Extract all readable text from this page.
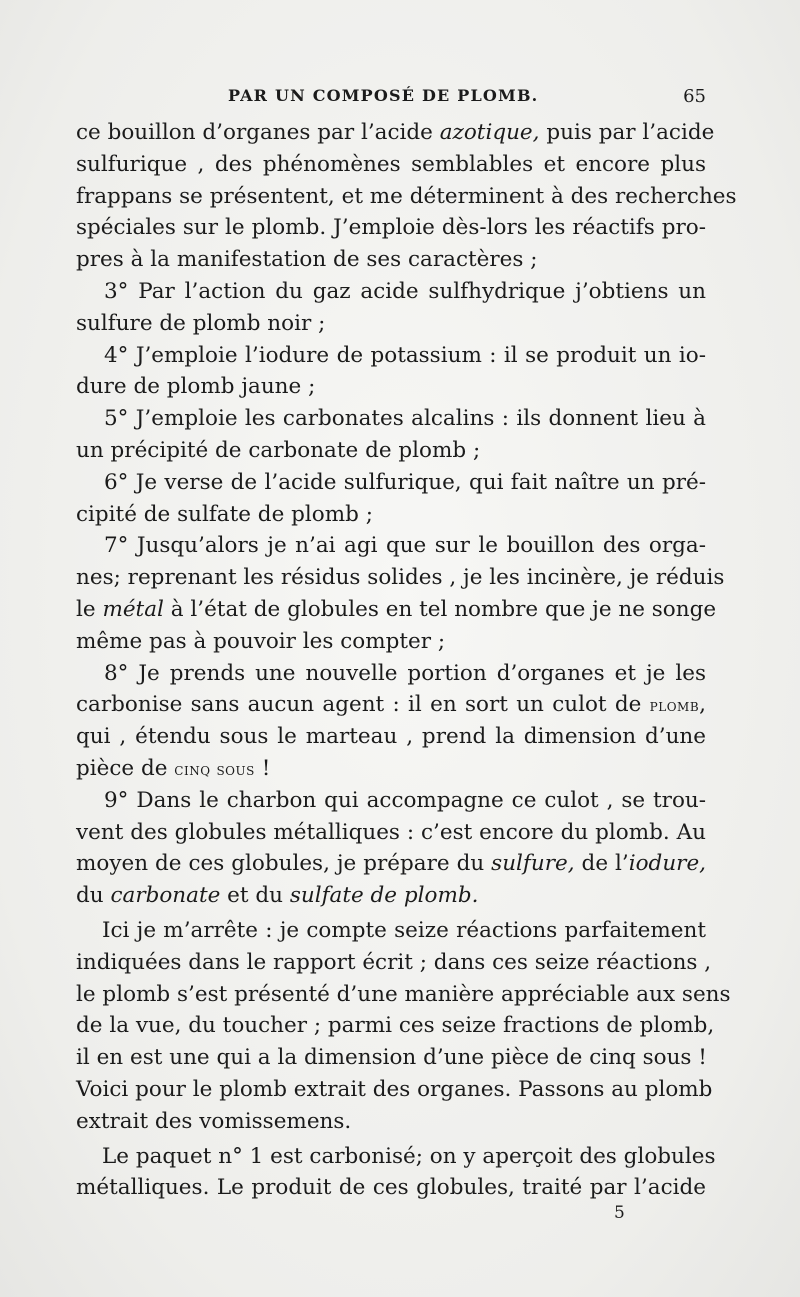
PAR UN COMPOSÉ DE PLOMB.	65
ce bouillon d’organes par l’acide azotique, puis par l’acide
sulfurique , des phénomènes semblables et encore plus
frappans se présentent, et me déterminent à des recherches
spéciales sur le plomb. J’emploie dès-lors les réactifs pro-
pres à la manifestation de ses caractères ;
3° Par l’action du gaz acide sulfhydrique j’obtiens un
sulfure de plomb noir ;
4° J’emploie l’iodure de potassium : il se produit un io-
dure de plomb jaune ;
5° J’emploie les carbonates alcalins : ils donnent lieu à
un précipité de carbonate de plomb ;
6° Je verse de l’acide sulfurique, qui fait naître un pré-
cipité de sulfate de plomb ;
7° Jusqu’alors je n’ai agi que sur le bouillon des orga-
nes; reprenant les résidus solides , je les incinère, je réduis
le métal à l’état de globules en tel nombre que je ne songe
même pas à pouvoir les compter ;
8° Je prends une nouvelle portion d’organes et je les
carbonise sans aucun agent : il en sort un culot de plomb,
qui , étendu sous le marteau , prend la dimension d’une
pièce de cinq sous !
9° Dans le charbon qui accompagne ce culot , se trou-
vent des globules métalliques : c’est encore du plomb. Au
moyen de ces globules, je prépare du sulfure, de l’iodure,
du carbonate et du sulfate de plomb.
Ici je m’arrête : je compte seize réactions parfaitement
indiquées dans le rapport écrit ; dans ces seize réactions ,
le plomb s’est présenté d’une manière appréciable aux sens
de la vue, du toucher ; parmi ces seize fractions de plomb,
il en est une qui a la dimension d’une pièce de cinq sous !
Voici pour le plomb extrait des organes. Passons au plomb
extrait des vomissemens.
Le paquet n° 1 est carbonisé; on y aperçoit des globules
métalliques. Le produit de ces globules, traité par l’acide
5
